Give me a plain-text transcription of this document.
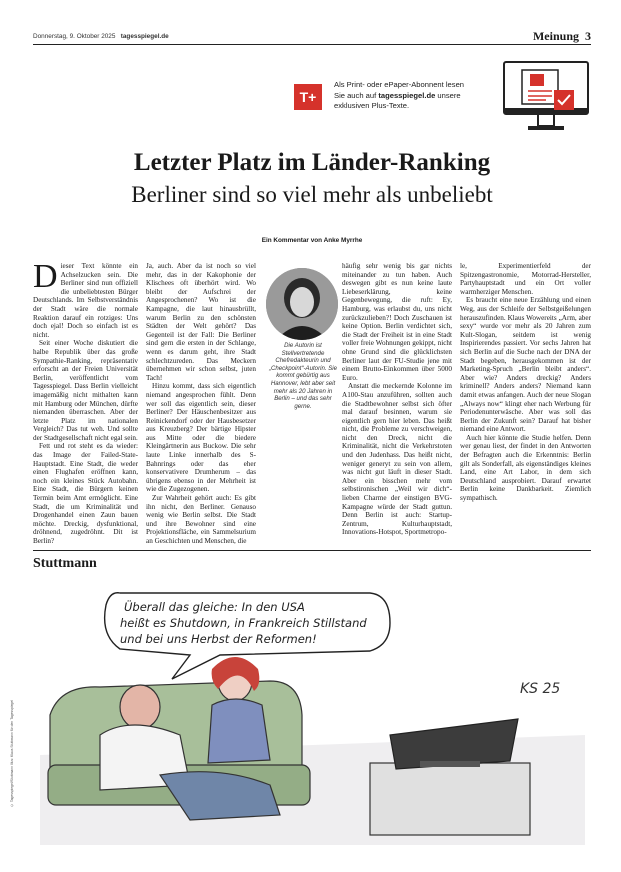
Donnerstag, 9. Oktober 2025 tagesspiegel.de	Meinung 3
T+
Als Print- oder ePaper-Abonnent lesen
Sie auch auf tagesspiegel.de unsere
exklusiven Plus-Texte.
Letzter Platz im Länder-Ranking
Berliner sind so viel mehr als unbeliebt
Ein Kommentar von Anke Myrrhe

Dieser Text könnte ein Achselzucken sein. Die Berliner sind nun offiziell die unbeliebtesten Bürger Deutschlands. Im Selbstverständnis der Stadt wäre die normale Reaktion darauf ein rotziges: Uns doch ejal! Doch so einfach ist es nicht.

Seit einer Woche diskutiert die halbe Republik über das große Sympathie-Ranking, repräsentativ erforscht an der Freien Universität Berlin, veröffentlicht vom Tagesspiegel. Dass Berlin vielleicht imagemäßig nicht mithalten kann mit Hamburg oder München, dürfte niemanden überraschen. Aber der letzte Platz im nationalen Vergleich? Das tut weh. Und sollte der Stadtgesellschaft nicht egal sein.

Fett und rot steht es da wieder: das Image der Failed-State-Hauptstadt. Eine Stadt, die weder einen Flughafen eröffnen kann, noch ein kleines Stück Autobahn. Eine Stadt, die Bürgern keinen Termin beim Amt ermöglicht. Eine Stadt, die um Kriminalität und Drogenhandel einen Zaun bauen möchte. Dreckig, dysfunktional, dröhnend, zugedröhnt. Dit ist Berlin?

Ja, auch. Aber da ist noch so viel mehr, das in der Kakophonie der Klischees oft überhört wird. Wo bleibt der Aufschrei der Angesprochenen? Wo ist die Kampagne, die laut hinausbrüllt, warum Berlin zu den schönsten Städten der Welt gehört? Das Gegenteil ist der Fall: Die Berliner sind gern die ersten in der Schlange, wenn es darum geht, ihre Stadt schlechtzureden. Das Meckern übernehmen wir schon selbst, juten Tach!

Hinzu kommt, dass sich eigentlich niemand angesprochen fühlt. Denn wer soll das eigentlich sein, dieser Berliner? Der Häuschenbesitzer aus Reinickendorf oder der Hausbesetzer aus Kreuzberg? Der bärtige Hipster aus Mitte oder die biedere Kleingärtnerin aus Buckow. Die sehr laute Linke innerhalb des S-Bahnrings oder das eher konservativere Drumherum – das übrigens ebenso in der Mehrheit ist wie die Zugezogenen.

Zur Wahrheit gehört auch: Es gibt ihn nicht, den Berliner. Genauso wenig wie Berlin selbst. Die Stadt und ihre Bewohner sind eine Projektionsfläche, ein Sammelsurium an Geschichten und Menschen, die

Die Autorin ist Stellvertretende Chefredakteurin und „Checkpoint“-Autorin. Sie kommt gebürtig aus Hannover, lebt aber seit mehr als 20 Jahren in Berlin – und das sehr gerne.

häufig sehr wenig bis gar nichts miteinander zu tun haben. Auch deswegen gibt es nun keine laute Liebeserklärung, keine Gegenbewegung, die ruft: Ey, Hamburg, was erlaubst du, uns nicht zurückzulieben?! Doch Zuschauen ist keine Option. Berlin verdichtet sich, die Stadt der Freiheit ist in eine Stadt voller freie Wohnungen gekippt, nicht ohne Grund sind die glücklichsten Berliner laut der FU-Studie jene mit einem Brutto-Einkommen über 5000 Euro.

Anstatt die meckernde Kolonne im A100-Stau anzuführen, sollten auch die Stadtbewohner selbst sich öfter mal darauf besinnen, warum sie eigentlich gern hier leben. Das heißt nicht, die Probleme zu verschweigen, nicht den Dreck, nicht die Kriminalität, nicht die Verkehrstoten und den Judenhass. Das heißt nicht, weniger generyt zu sein von allem, was nicht gut läuft in dieser Stadt. Aber ein bisschen mehr vom selbstironischen „Weil wir dich“-lieben Charme der einstigen BVG-Kampagne würde der Stadt guttun. Denn Berlin ist auch: Startup-Zentrum, Kulturhauptstadt, Innovations-Hotspot, Sportmetropo-

le, Experimentierfeld der Spitzengastronomie, Motorrad-Hersteller, Partyhauptstadt und ein Ort voller warmherziger Menschen.

Es braucht eine neue Erzählung und einen Weg, aus der Schleife der Selbstgeißelungen herauszufinden. Klaus Wowereits „Arm, aber sexy“ wurde vor mehr als 20 Jahren zum Kult-Slogan, seitdem ist wenig Inspirierendes passiert. Vor sechs Jahren hat sich Berlin auf die Suche nach der DNA der Stadt begeben, herausgekommen ist der Marketing-Spruch „Berlin bleibt anders“. Aber wie? Anders dreckig? Anders kriminell? Anders anders? Niemand kann damit etwas anfangen. Auch der neue Slogan „Always now“ klingt eher nach Werbung für Periodenunterwäsche. Aber was soll das Berlin der Zukunft sein? Darauf hat bisher niemand eine Antwort.

Auch hier könnte die Studie helfen. Denn wer genau liest, der findet in den Antworten der Befragten auch die Erkenntnis: Berlin gilt als Sonderfall, als eigenständiges kleines Land, eine Art Labor, in dem sich Deutschland ausprobiert. Darauf erwartet Berlin keine Dankbarkeit. Ziemlich sympathisch.

Stuttmann
Überall das gleiche: In den USA
heißt es Shutdown, in Frankreich Stillstand
und bei uns Herbst der Reformen!
KS 25
© Tagesspiegel/Stuttmann Illus: Klaus Stuttmann für den Tagesspiegel
